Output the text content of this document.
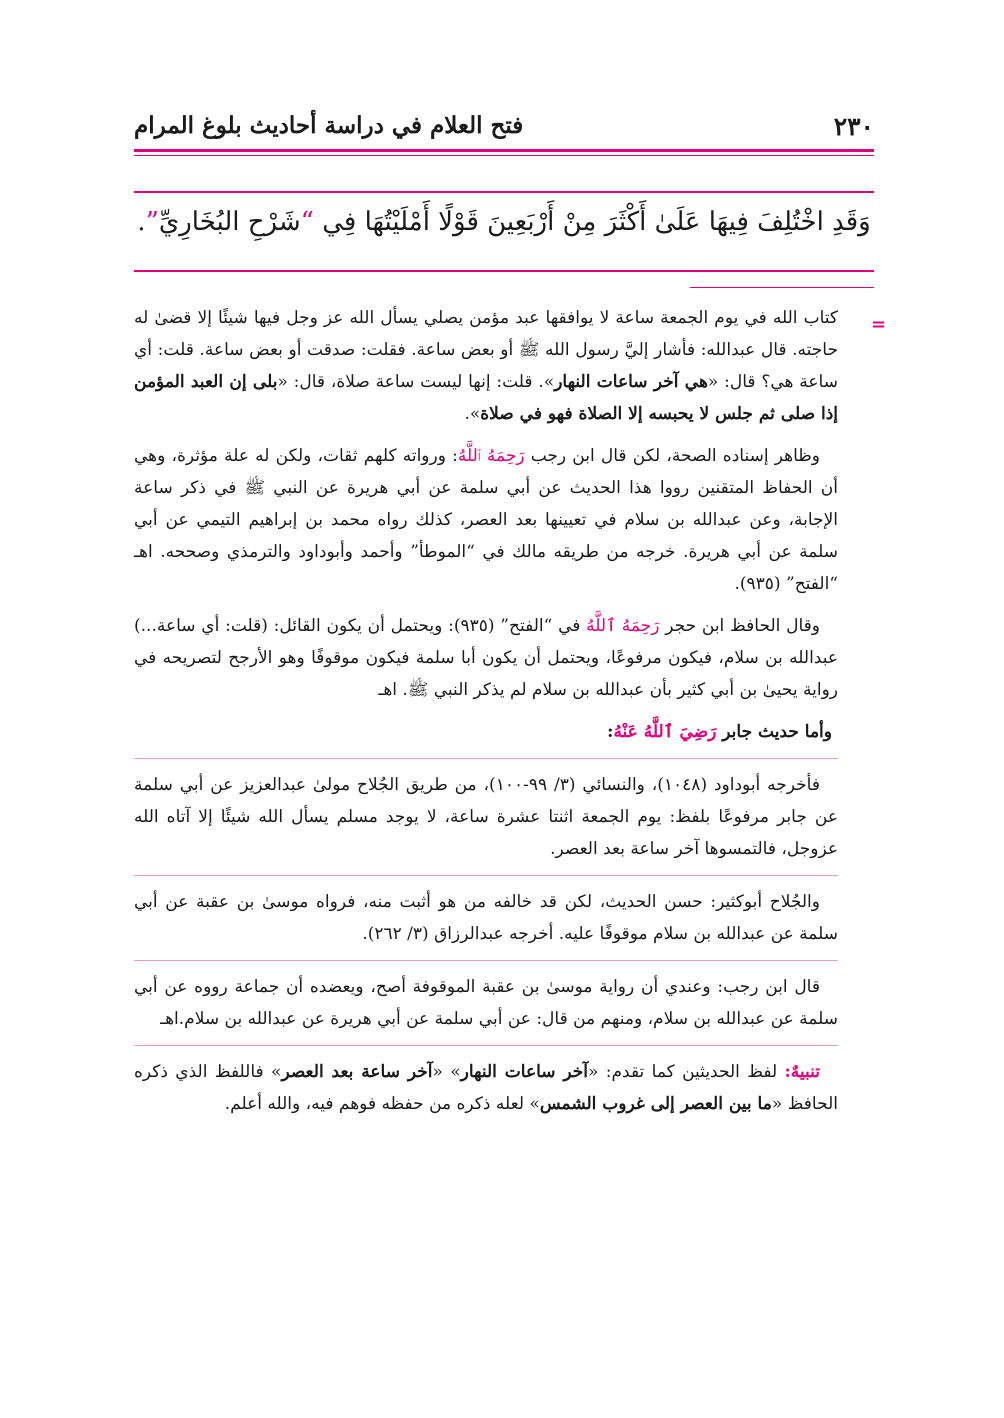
٢٣٠
فتح العلام في دراسة أحاديث بلوغ المرام
وَقَدِ اخْتُلِفَ فِيهَا عَلَىٰ أَكْثَرَ مِنْ أَرْبَعِينَ قَوْلًا أَمْلَيْتُهَا فِي “شَرْحِ البُخَارِيِّ”.
=

كتاب الله في يوم الجمعة ساعة لا يوافقها عبد مؤمن يصلي يسأل الله عز وجل فيها شيئًا إلا قضىٰ له حاجته. قال عبدالله: فأشار إليَّ رسول الله ﷺ أو بعض ساعة. فقلت: صدقت أو بعض ساعة. قلت: أي ساعة هي؟ قال: «هي آخر ساعات النهار». قلت: إنها ليست ساعة صلاة، قال: «بلى إن العبد المؤمن إذا صلى ثم جلس لا يحبسه إلا الصلاة فهو في صلاة».

وظاهر إسناده الصحة، لكن قال ابن رجب رَحِمَهُ ٱللَّهُ: ورواته كلهم ثقات، ولكن له علة مؤثرة، وهي أن الحفاظ المتقنين رووا هذا الحديث عن أبي سلمة عن أبي هريرة عن النبي ﷺ في ذكر ساعة الإجابة، وعن عبدالله بن سلام في تعيينها بعد العصر، كذلك رواه محمد بن إبراهيم التيمي عن أبي سلمة عن أبي هريرة. خرجه من طريقه مالك في “الموطأ” وأحمد وأبوداود والترمذي وصححه. اهـ “الفتح” (٩٣٥).

وقال الحافظ ابن حجر رَحِمَهُ ٱللَّهُ في “الفتح” (٩٣٥): ويحتمل أن يكون القائل: (قلت: أي ساعة...) عبدالله بن سلام، فيكون مرفوعًا، ويحتمل أن يكون أبا سلمة فيكون موقوفًا وهو الأرجح لتصريحه في رواية يحيىٰ بن أبي كثير بأن عبدالله بن سلام لم يذكر النبي ﷺ. اهـ

وأما حديث جابر رَضِيَ ٱللَّهُ عَنْهُ:

فأخرجه أبوداود (١٠٤٨)، والنسائي (٣/ ٩٩-١٠٠)، من طريق الجُلاح مولىٰ عبدالعزيز عن أبي سلمة عن جابر مرفوعًا بلفظ: يوم الجمعة اثنتا عشرة ساعة، لا يوجد مسلم يسأل الله شيئًا إلا آتاه الله عزوجل، فالتمسوها آخر ساعة بعد العصر.

والجُلاح أبوكثير: حسن الحديث، لكن قد خالفه من هو أثبت منه، فرواه موسىٰ بن عقبة عن أبي سلمة عن عبدالله بن سلام موقوفًا عليه. أخرجه عبدالرزاق (٣/ ٢٦٢).

قال ابن رجب: وعندي أن رواية موسىٰ بن عقبة الموقوفة أصح، ويعضده أن جماعة رووه عن أبي سلمة عن عبدالله بن سلام، ومنهم من قال: عن أبي سلمة عن أبي هريرة عن عبدالله بن سلام.اهـ

تنبيهٌ: لفظ الحديثين كما تقدم: «آخر ساعات النهار» «آخر ساعة بعد العصر» فاللفظ الذي ذكره الحافظ «ما بين العصر إلى غروب الشمس» لعله ذكره من حفظه فوهم فيه، والله أعلم.
